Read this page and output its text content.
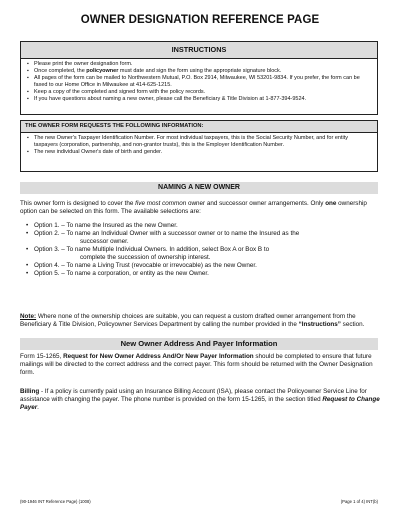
OWNER DESIGNATION REFERENCE PAGE
INSTRUCTIONS
▪ Please print the owner designation form.
▪ Once completed, the policyowner must date and sign the form using the appropriate signature block.
▪ All pages of the form can be mailed to Northwestern Mutual, P.O. Box 2914, Milwaukee, WI 53201-9834. If you prefer, the form can be faxed to our Home Office in Milwaukee at 414-625-1215.
▪ Keep a copy of the completed and signed form with the policy records.
▪ If you have questions about naming a new owner, please call the Beneficiary & Title Division at 1-877-394-9524.
THE OWNER FORM REQUESTS THE FOLLOWING INFORMATION:
▪ The new Owner's Taxpayer Identification Number. For most individual taxpayers, this is the Social Security Number, and for entity taxpayers (corporation, partnership, and non-grantor trusts), this is the Employer Identification Number.
▪ The new individual Owner's date of birth and gender.
NAMING A NEW OWNER

This owner form is designed to cover the five most common owner and successor owner arrangements. Only one ownership option can be selected on this form. The available selections are:

• Option 1. – To name the Insured as the new Owner.
• Option 2. – To name an Individual Owner with a successor owner or to name the Insured as the
successor owner.
• Option 3. – To name Multiple Individual Owners. In addition, select Box A or Box B to
complete the succession of ownership interest.
• Option 4. – To name a Living Trust (revocable or irrevocable) as the new Owner.
• Option 5. – To name a corporation, or entity as the new Owner.

Note: Where none of the ownership choices are suitable, you can request a custom drafted owner arrangement from the Beneficiary & Title Division, Policyowner Services Department by calling the number provided in the “Instructions” section.

New Owner Address And Payer Information

Form 15-1265, Request for New Owner Address And/Or New Payer Information should be completed to ensure that future mailings will be directed to the correct address and the correct payer. This form should be returned with the Owner Designation form.

Billing - If a policy is currently paid using an Insurance Billing Account (ISA), please contact the Policyowner Service Line for assistance with changing the payer. The phone number is provided on the form 15-1265, in the section titled Request to Change Payer.

(90-1946 INT Reference Page) (1008)	(Page 1 of 4) INT(b)
